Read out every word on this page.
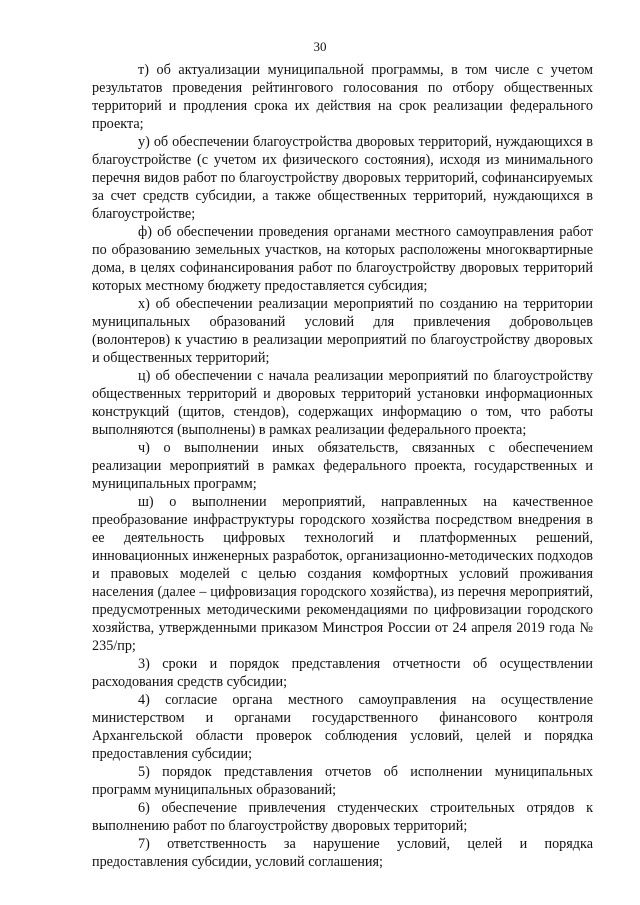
30

т) об актуализации муниципальной программы, в том числе с учетом результатов проведения рейтингового голосования по отбору общественных территорий и продления срока их действия на срок реализации федерального проекта;

у) об обеспечении благоустройства дворовых территорий, нуждающихся в благоустройстве (с учетом их физического состояния), исходя из минимального перечня видов работ по благоустройству дворовых территорий, софинансируемых за счет средств субсидии, а также общественных территорий, нуждающихся в благоустройстве;

ф) об обеспечении проведения органами местного самоуправления работ по образованию земельных участков, на которых расположены многоквартирные дома, в целях софинансирования работ по благоустройству дворовых территорий которых местному бюджету предоставляется субсидия;

х) об обеспечении реализации мероприятий по созданию на территории муниципальных образований условий для привлечения добровольцев (волонтеров) к участию в реализации мероприятий по благоустройству дворовых и общественных территорий;

ц) об обеспечении с начала реализации мероприятий по благоустройству общественных территорий и дворовых территорий установки информационных конструкций (щитов, стендов), содержащих информацию о том, что работы выполняются (выполнены) в рамках реализации федерального проекта;

ч) о выполнении иных обязательств, связанных с обеспечением реализации мероприятий в рамках федерального проекта, государственных и муниципальных программ;

ш) о выполнении мероприятий, направленных на качественное преобразование инфраструктуры городского хозяйства посредством внедрения в ее деятельность цифровых технологий и платформенных решений, инновационных инженерных разработок, организационно-методических подходов и правовых моделей с целью создания комфортных условий проживания населения (далее – цифровизация городского хозяйства), из перечня мероприятий, предусмотренных методическими рекомендациями по цифровизации городского хозяйства, утвержденными приказом Минстроя России от 24 апреля 2019 года № 235/пр;

3) сроки и порядок представления отчетности об осуществлении расходования средств субсидии;

4) согласие органа местного самоуправления на осуществление министерством и органами государственного финансового контроля Архангельской области проверок соблюдения условий, целей и порядка предоставления субсидии;

5) порядок представления отчетов об исполнении муниципальных программ муниципальных образований;

6) обеспечение привлечения студенческих строительных отрядов к выполнению работ по благоустройству дворовых территорий;

7) ответственность за нарушение условий, целей и порядка предоставления субсидии, условий соглашения;
